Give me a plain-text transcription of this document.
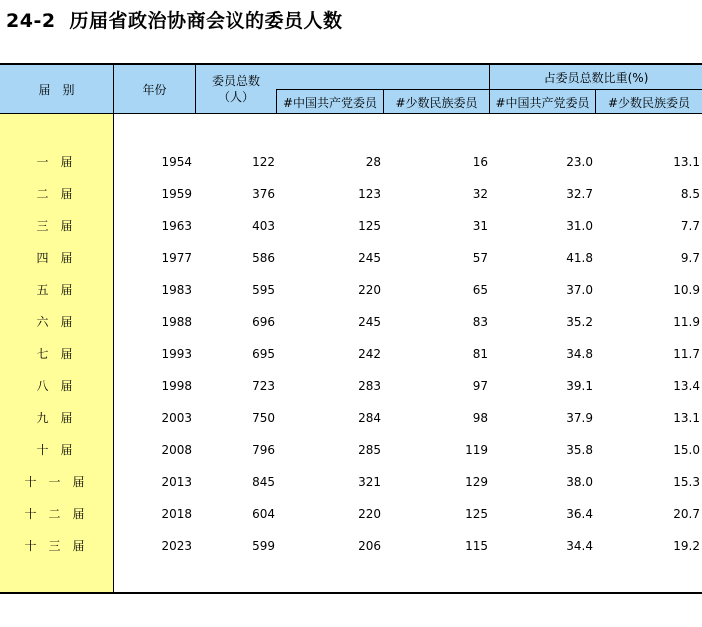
24-2 历届省政治协商会议的委员人数
届　别	年份
委员总数
（人）
占委员总数比重(%)
#中国共产党委员 #少数民族委员 #中国共产党委员 #少数民族委员
一届	1954	122	28	16	23.0	13.1
二届	1959	376	123	32	32.7	8.5
三届	1963	403	125	31	31.0	7.7
四届	1977	586	245	57	41.8	9.7
五届	1983	595	220	65	37.0	10.9
六届	1988	696	245	83	35.2	11.9
七届	1993	695	242	81	34.8	11.7
八届	1998	723	283	97	39.1	13.4
九届	2003	750	284	98	37.9	13.1
十届	2008	796	285	119	35.8	15.0
十一届	2013	845	321	129	38.0	15.3
十二届	2018	604	220	125	36.4	20.7
十三届	2023	599	206	115	34.4	19.2
